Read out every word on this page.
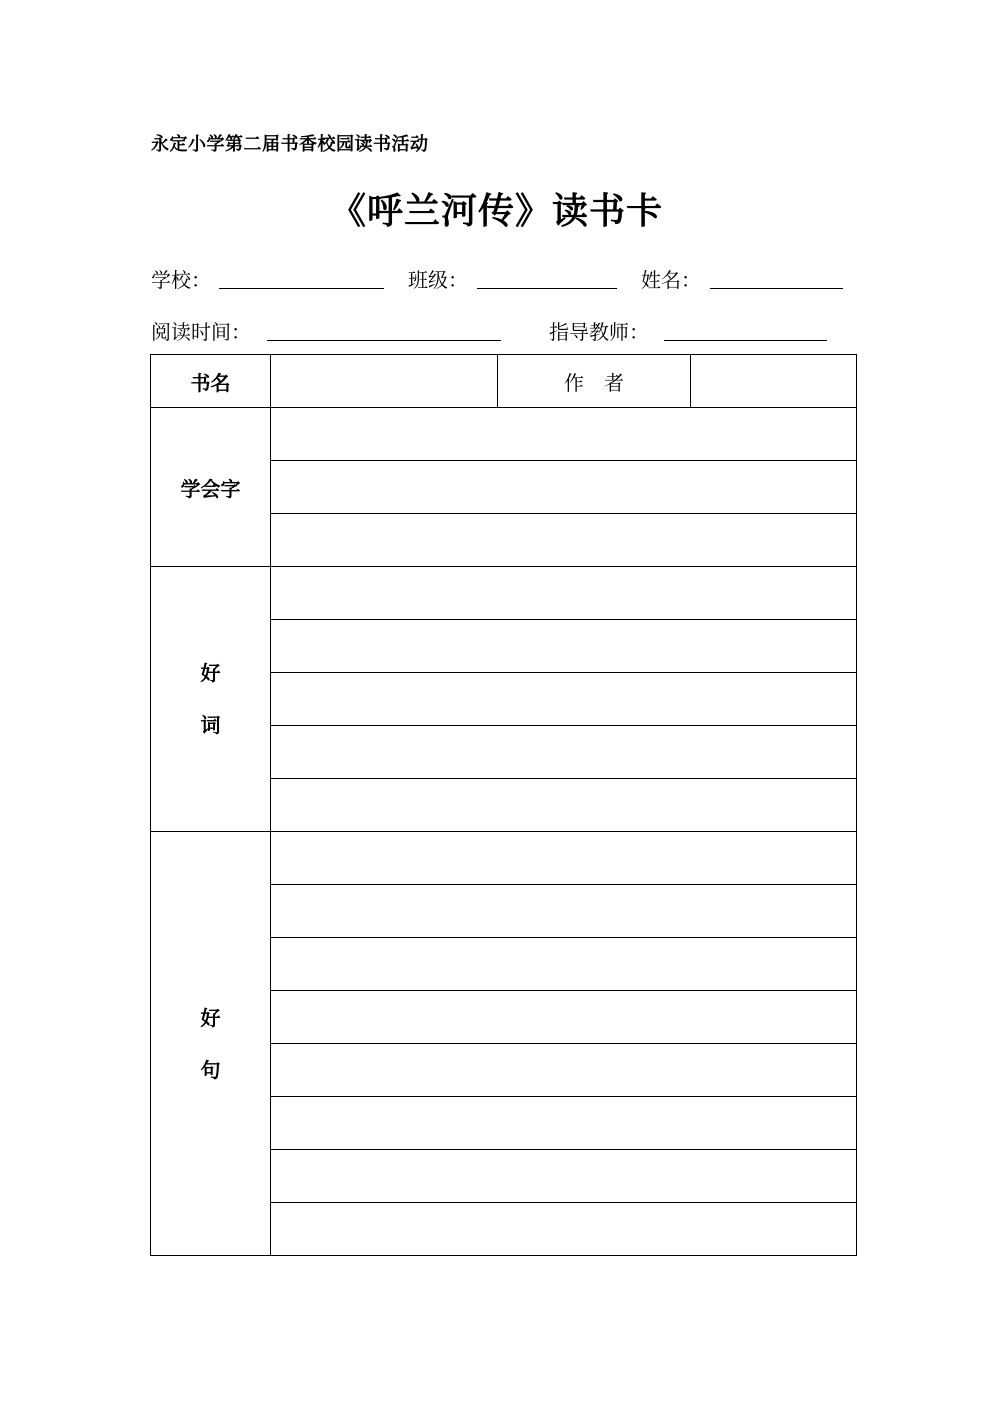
永定小学第二届书香校园读书活动
《呼兰河传》读书卡
学校：	班级：	姓名：
阅读时间：	指导教师：
书名		作　者	
学会字			

好
词			

好
句			
